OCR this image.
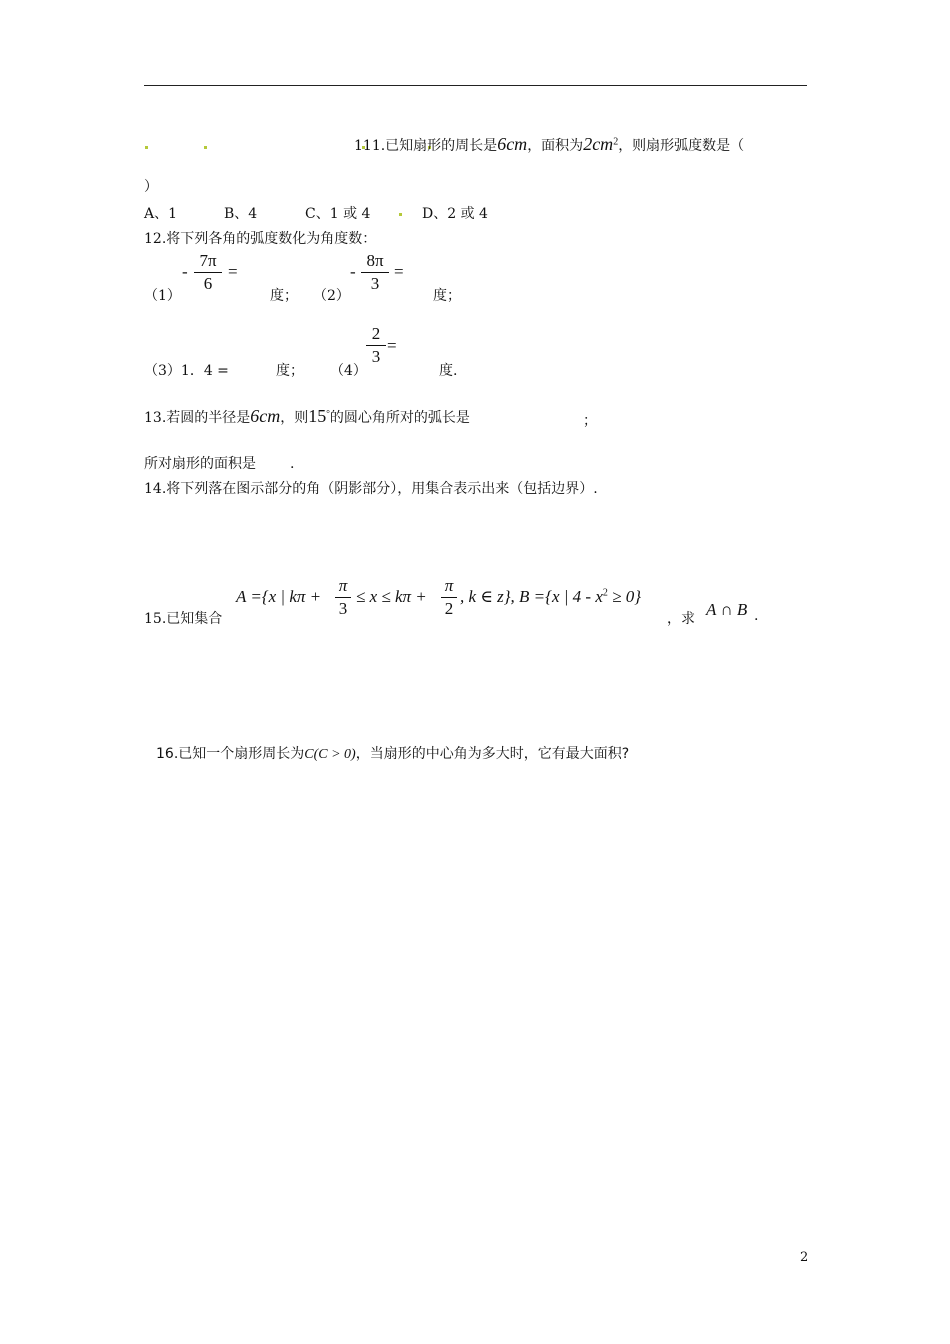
111.已知扇形的周长是6cm，面积为$2cm^2$，则扇形弧度数是（
）
A、1	B、4	C、1 或 4	D、2 或 4
12.将下列各角的弧度数化为角度数：
（1）
-
7π
6
=
度； （2）
-
8π
3
=
度；
（3）1．4 =	度； （4）
2
3
=
度.
13.若圆的半径是6cm，则15°的圆心角所对的弧长是	；
所对扇形的面积是 .
14.将下列落在图示部分的角（阴影部分），用集合表示出来（包括边界）.
15.已知集合
A ={x | kπ +
π
3
≤ x ≤ kπ +
π
2
, k ∈ z}, B ={x | $4 - x^2 \ge 0$}
，求 A ∩ B .
16.已知一个扇形周长为C(C > 0)，当扇形的中心角为多大时，它有最大面积?
2
